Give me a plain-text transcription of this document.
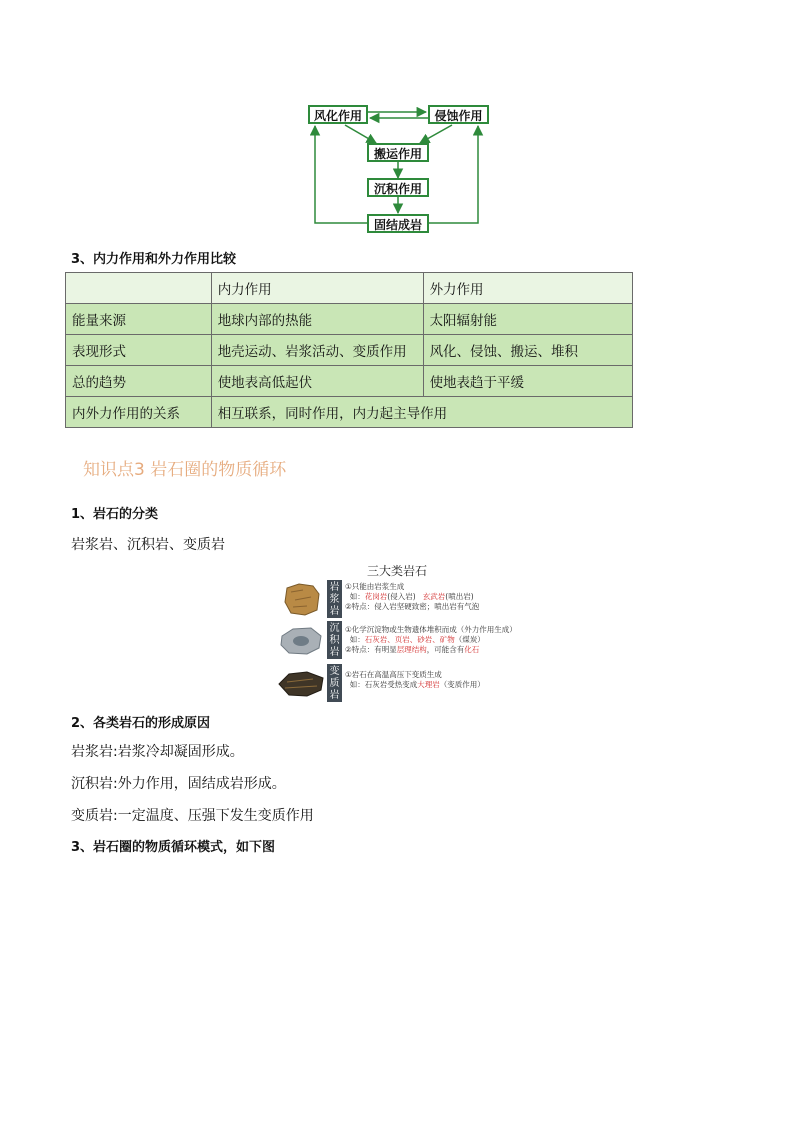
风化作用	侵蚀作用
搬运作用
沉积作用
固结成岩
3、内力作用和外力作用比较
	内力作用	外力作用
能量来源	地球内部的热能	太阳辐射能
表现形式	地壳运动、岩浆活动、变质作用	风化、侵蚀、搬运、堆积
总的趋势	使地表高低起伏	使地表趋于平缓
内外力作用的关系	相互联系，同时作用，内力起主导作用	
知识点3 岩石圈的物质循环
1、岩石的分类
岩浆岩、沉积岩、变质岩
三大类岩石
岩
浆
岩
①只能由岩浆生成
如：花岗岩(侵入岩) 玄武岩(喷出岩)
②特点：侵入岩坚硬致密；喷出岩有气泡
沉
积
岩
①化学沉淀物或生物遗体堆积而成（外力作用生成）
如：石灰岩、页岩、砂岩、矿物（煤炭）
②特点：有明显层理结构，可能含有化石
变
质
岩
①岩石在高温高压下变质生成
如：石灰岩受热变成大理岩（变质作用）
2、各类岩石的形成原因
岩浆岩:岩浆冷却凝固形成。
沉积岩:外力作用，固结成岩形成。
变质岩:一定温度、压强下发生变质作用
3、岩石圈的物质循环模式，如下图
